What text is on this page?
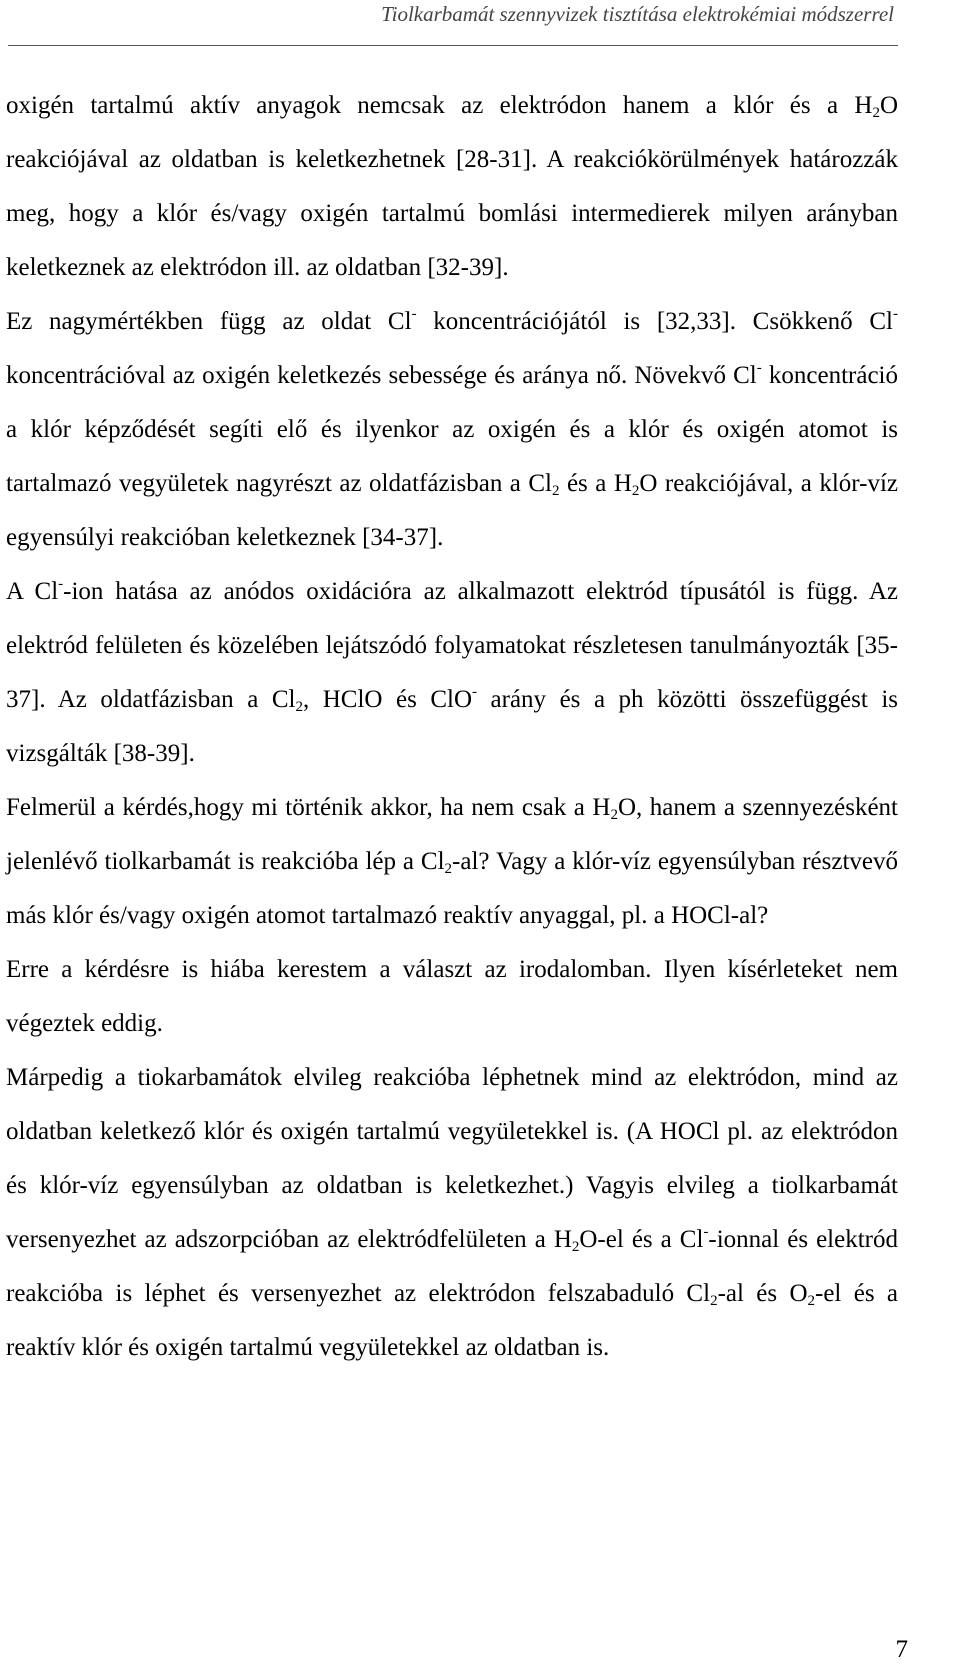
Tiolkarbamát szennyvizek tisztítása elektrokémiai módszerrel

oxigén tartalmú aktív anyagok nemcsak az elektródon hanem a klór és a $H_2O$ reakciójával az oldatban is keletkezhetnek [28-31]. A reakciókörülmények határozzák meg, hogy a klór és/vagy oxigén tartalmú bomlási intermedierek milyen arányban keletkeznek az elektródon ill. az oldatban [32-39].

Ez nagymértékben függ az oldat Cl- koncentrációjától is [32,33]. Csökkenő Cl- koncentrációval az oxigén keletkezés sebessége és aránya nő. Növekvő Cl- koncentráció a klór képződését segíti elő és ilyenkor az oxigén és a klór és oxigén atomot is tartalmazó vegyületek nagyrészt az oldatfázisban a $Cl_2$ és a $H_2O$ reakciójával, a klór-víz egyensúlyi reakcióban keletkeznek [34-37].

A Cl--ion hatása az anódos oxidációra az alkalmazott elektród típusától is függ. Az elektród felületen és közelében lejátszódó folyamatokat részletesen tanulmányozták [35-37]. Az oldatfázisban a $Cl_2$, HClO és ClO- arány és a ph közötti összefüggést is vizsgálták [38-39].

Felmerül a kérdés,hogy mi történik akkor, ha nem csak a $H_2O$, hanem a szennyezésként jelenlévő tiolkarbamát is reakcióba lép a $Cl_2-al$? Vagy a klór-víz egyensúlyban résztvevő más klór és/vagy oxigén atomot tartalmazó reaktív anyaggal, pl. a HOCl-al?

Erre a kérdésre is hiába kerestem a választ az irodalomban. Ilyen kísérleteket nem végeztek eddig.

Márpedig a tiokarbamátok elvileg reakcióba léphetnek mind az elektródon, mind az oldatban keletkező klór és oxigén tartalmú vegyületekkel is. (A HOCl pl. az elektródon és klór-víz egyensúlyban az oldatban is keletkezhet.) Vagyis elvileg a tiolkarbamát versenyezhet az adszorpcióban az elektródfelületen a $H_2O-el$ és a Cl--ionnal és elektród reakcióba is léphet és versenyezhet az elektródon felszabaduló $Cl_2-al$ és $O_2-el$ és a reaktív klór és oxigén tartalmú vegyületekkel az oldatban is.

7
